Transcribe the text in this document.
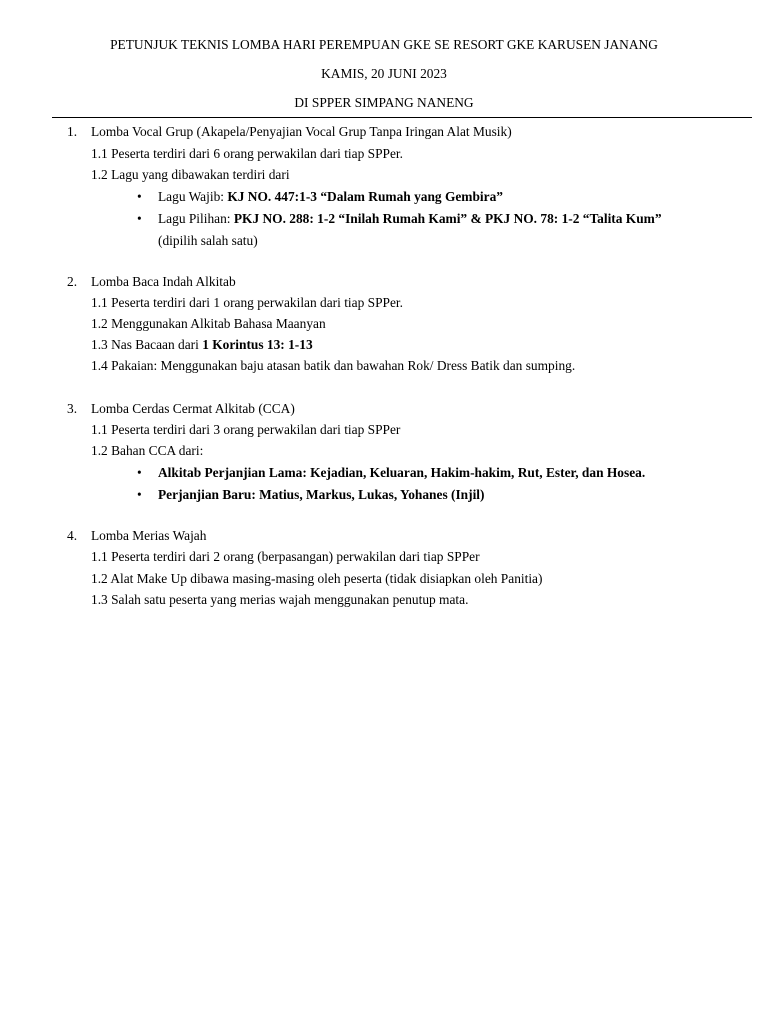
PETUNJUK TEKNIS LOMBA HARI PEREMPUAN GKE SE RESORT GKE KARUSEN JANANG
KAMIS, 20 JUNI 2023
DI SPPER SIMPANG NANENG
1. Lomba Vocal Grup (Akapela/Penyajian Vocal Grup Tanpa Iringan Alat Musik)
1.1 Peserta terdiri dari 6 orang perwakilan dari tiap SPPer.
1.2 Lagu yang dibawakan terdiri dari
• Lagu Wajib: KJ NO. 447:1-3 “Dalam Rumah yang Gembira”
• Lagu Pilihan: PKJ NO. 288: 1-2 “Inilah Rumah Kami” & PKJ NO. 78: 1-2 “Talita Kum”
(dipilih salah satu)
2. Lomba Baca Indah Alkitab
1.1 Peserta terdiri dari 1 orang perwakilan dari tiap SPPer.
1.2 Menggunakan Alkitab Bahasa Maanyan
1.3 Nas Bacaan dari 1 Korintus 13: 1-13
1.4 Pakaian: Menggunakan baju atasan batik dan bawahan Rok/ Dress Batik dan sumping.
3. Lomba Cerdas Cermat Alkitab (CCA)
1.1 Peserta terdiri dari 3 orang perwakilan dari tiap SPPer
1.2 Bahan CCA dari:
• Alkitab Perjanjian Lama: Kejadian, Keluaran, Hakim-hakim, Rut, Ester, dan Hosea.
• Perjanjian Baru: Matius, Markus, Lukas, Yohanes (Injil)
4. Lomba Merias Wajah
1.1 Peserta terdiri dari 2 orang (berpasangan) perwakilan dari tiap SPPer
1.2 Alat Make Up dibawa masing-masing oleh peserta (tidak disiapkan oleh Panitia)
1.3 Salah satu peserta yang merias wajah menggunakan penutup mata.
